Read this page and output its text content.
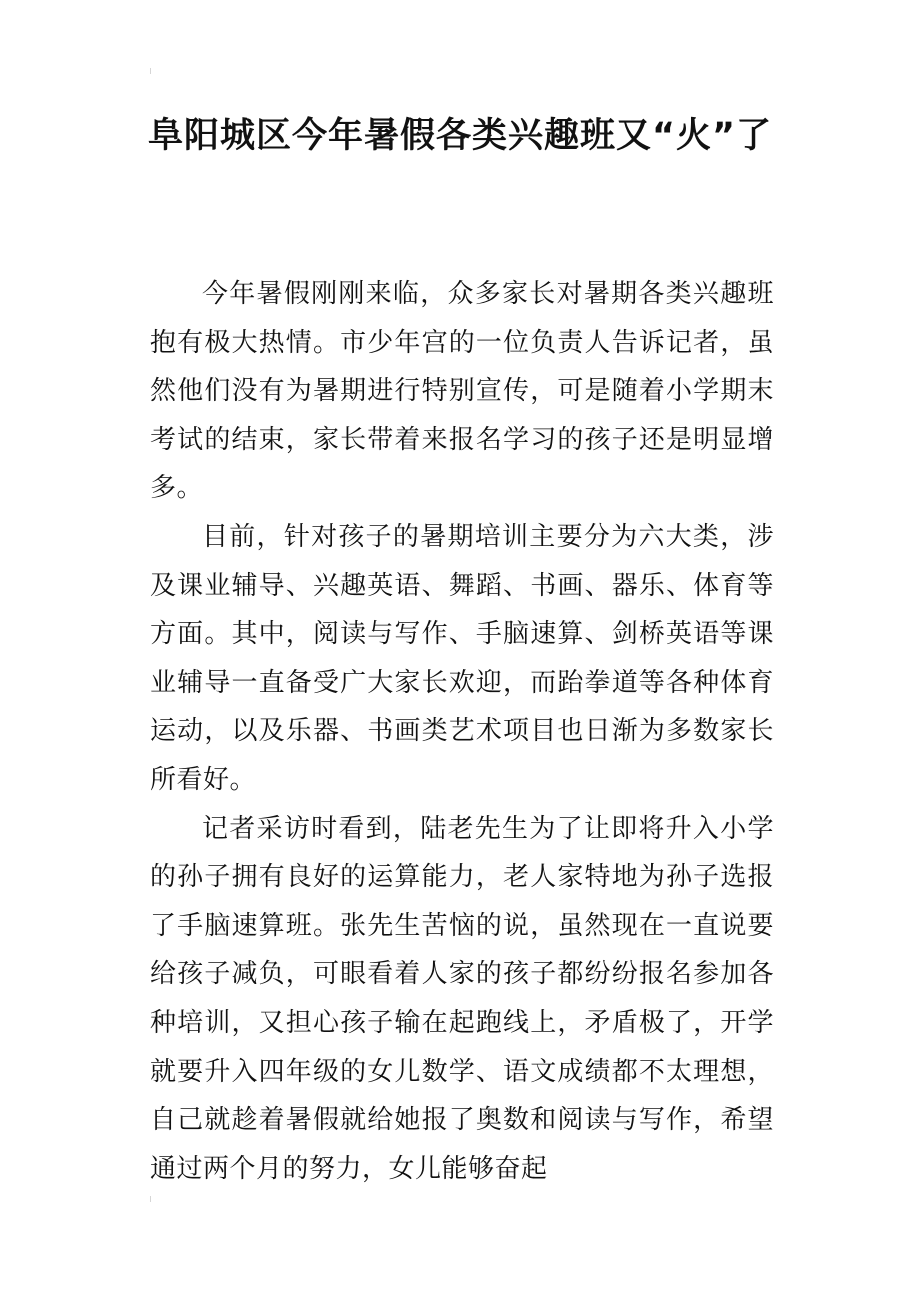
阜阳城区今年暑假各类兴趣班又“火”了

今年暑假刚刚来临，众多家长对暑期各类兴趣班抱有极大热情。市少年宫的一位负责人告诉记者，虽然他们没有为暑期进行特别宣传，可是随着小学期末考试的结束，家长带着来报名学习的孩子还是明显增多。

目前，针对孩子的暑期培训主要分为六大类，涉及课业辅导、兴趣英语、舞蹈、书画、器乐、体育等方面。其中，阅读与写作、手脑速算、剑桥英语等课业辅导一直备受广大家长欢迎，而跆拳道等各种体育运动，以及乐器、书画类艺术项目也日渐为多数家长所看好。

记者采访时看到，陆老先生为了让即将升入小学的孙子拥有良好的运算能力，老人家特地为孙子选报了手脑速算班。张先生苦恼的说，虽然现在一直说要给孩子减负，可眼看着人家的孩子都纷纷报名参加各种培训，又担心孩子输在起跑线上，矛盾极了，开学就要升入四年级的女儿数学、语文成绩都不太理想，自己就趁着暑假就给她报了奥数和阅读与写作，希望通过两个月的努力，女儿能够奋起
